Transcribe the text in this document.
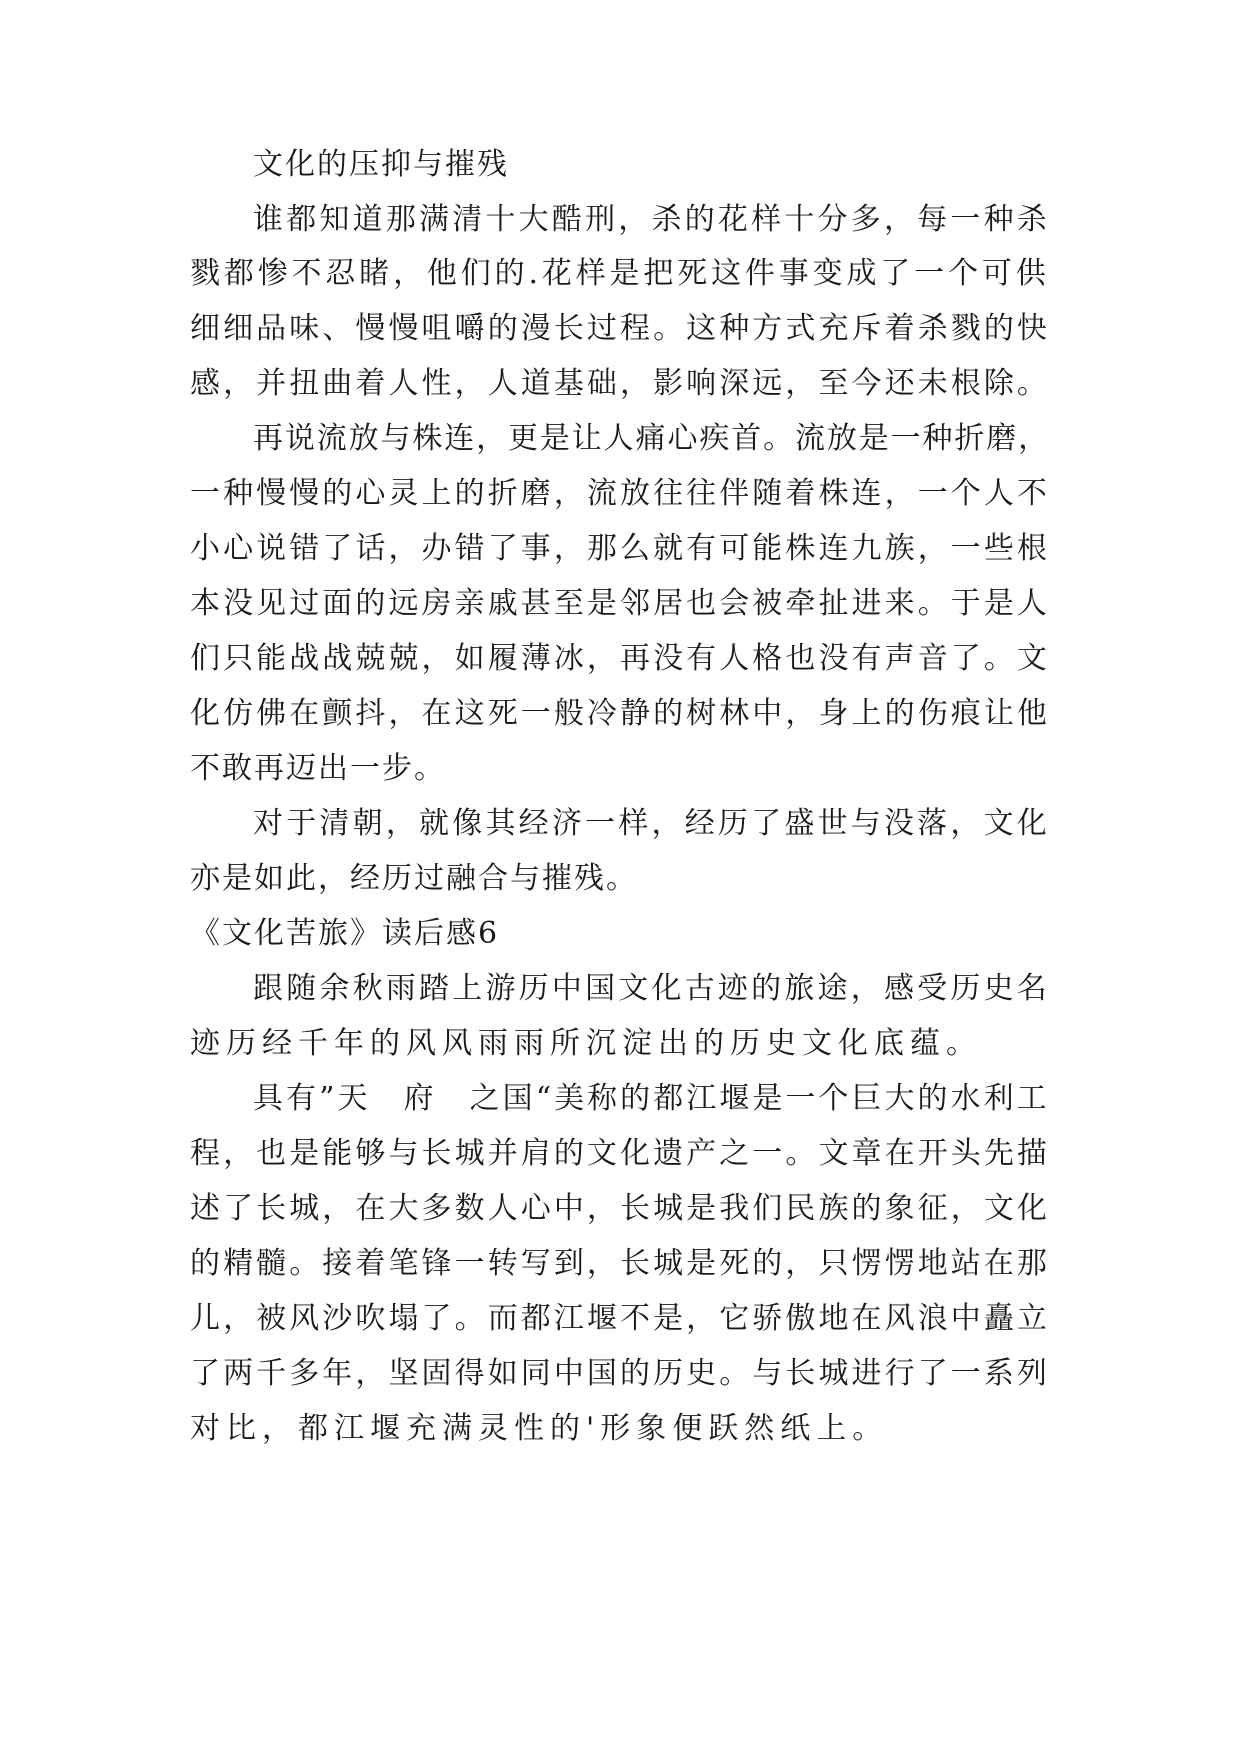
文化的压抑与摧残
谁都知道那满清十大酷刑，杀的花样十分多，每一种杀
戮都惨不忍睹，他们的.花样是把死这件事变成了一个可供
细细品味、慢慢咀嚼的漫长过程。这种方式充斥着杀戮的快
感，并扭曲着人性，人道基础，影响深远，至今还未根除。
再说流放与株连，更是让人痛心疾首。流放是一种折磨，
一种慢慢的心灵上的折磨，流放往往伴随着株连，一个人不
小心说错了话，办错了事，那么就有可能株连九族，一些根
本没见过面的远房亲戚甚至是邻居也会被牵扯进来。于是人
们只能战战兢兢，如履薄冰，再没有人格也没有声音了。文
化仿佛在颤抖，在这死一般冷静的树林中，身上的伤痕让他
不敢再迈出一步。
对于清朝，就像其经济一样，经历了盛世与没落，文化
亦是如此，经历过融合与摧残。
《文化苦旅》读后感6
跟随余秋雨踏上游历中国文化古迹的旅途，感受历史名
迹历经千年的风风雨雨所沉淀出的历史文化底蕴。
具有”天　府　之国“美称的都江堰是一个巨大的水利工
程，也是能够与长城并肩的文化遗产之一。文章在开头先描
述了长城，在大多数人心中，长城是我们民族的象征，文化
的精髓。接着笔锋一转写到，长城是死的，只愣愣地站在那
儿，被风沙吹塌了。而都江堰不是，它骄傲地在风浪中矗立
了两千多年，坚固得如同中国的历史。与长城进行了一系列
对比，都江堰充满灵性的'形象便跃然纸上。
